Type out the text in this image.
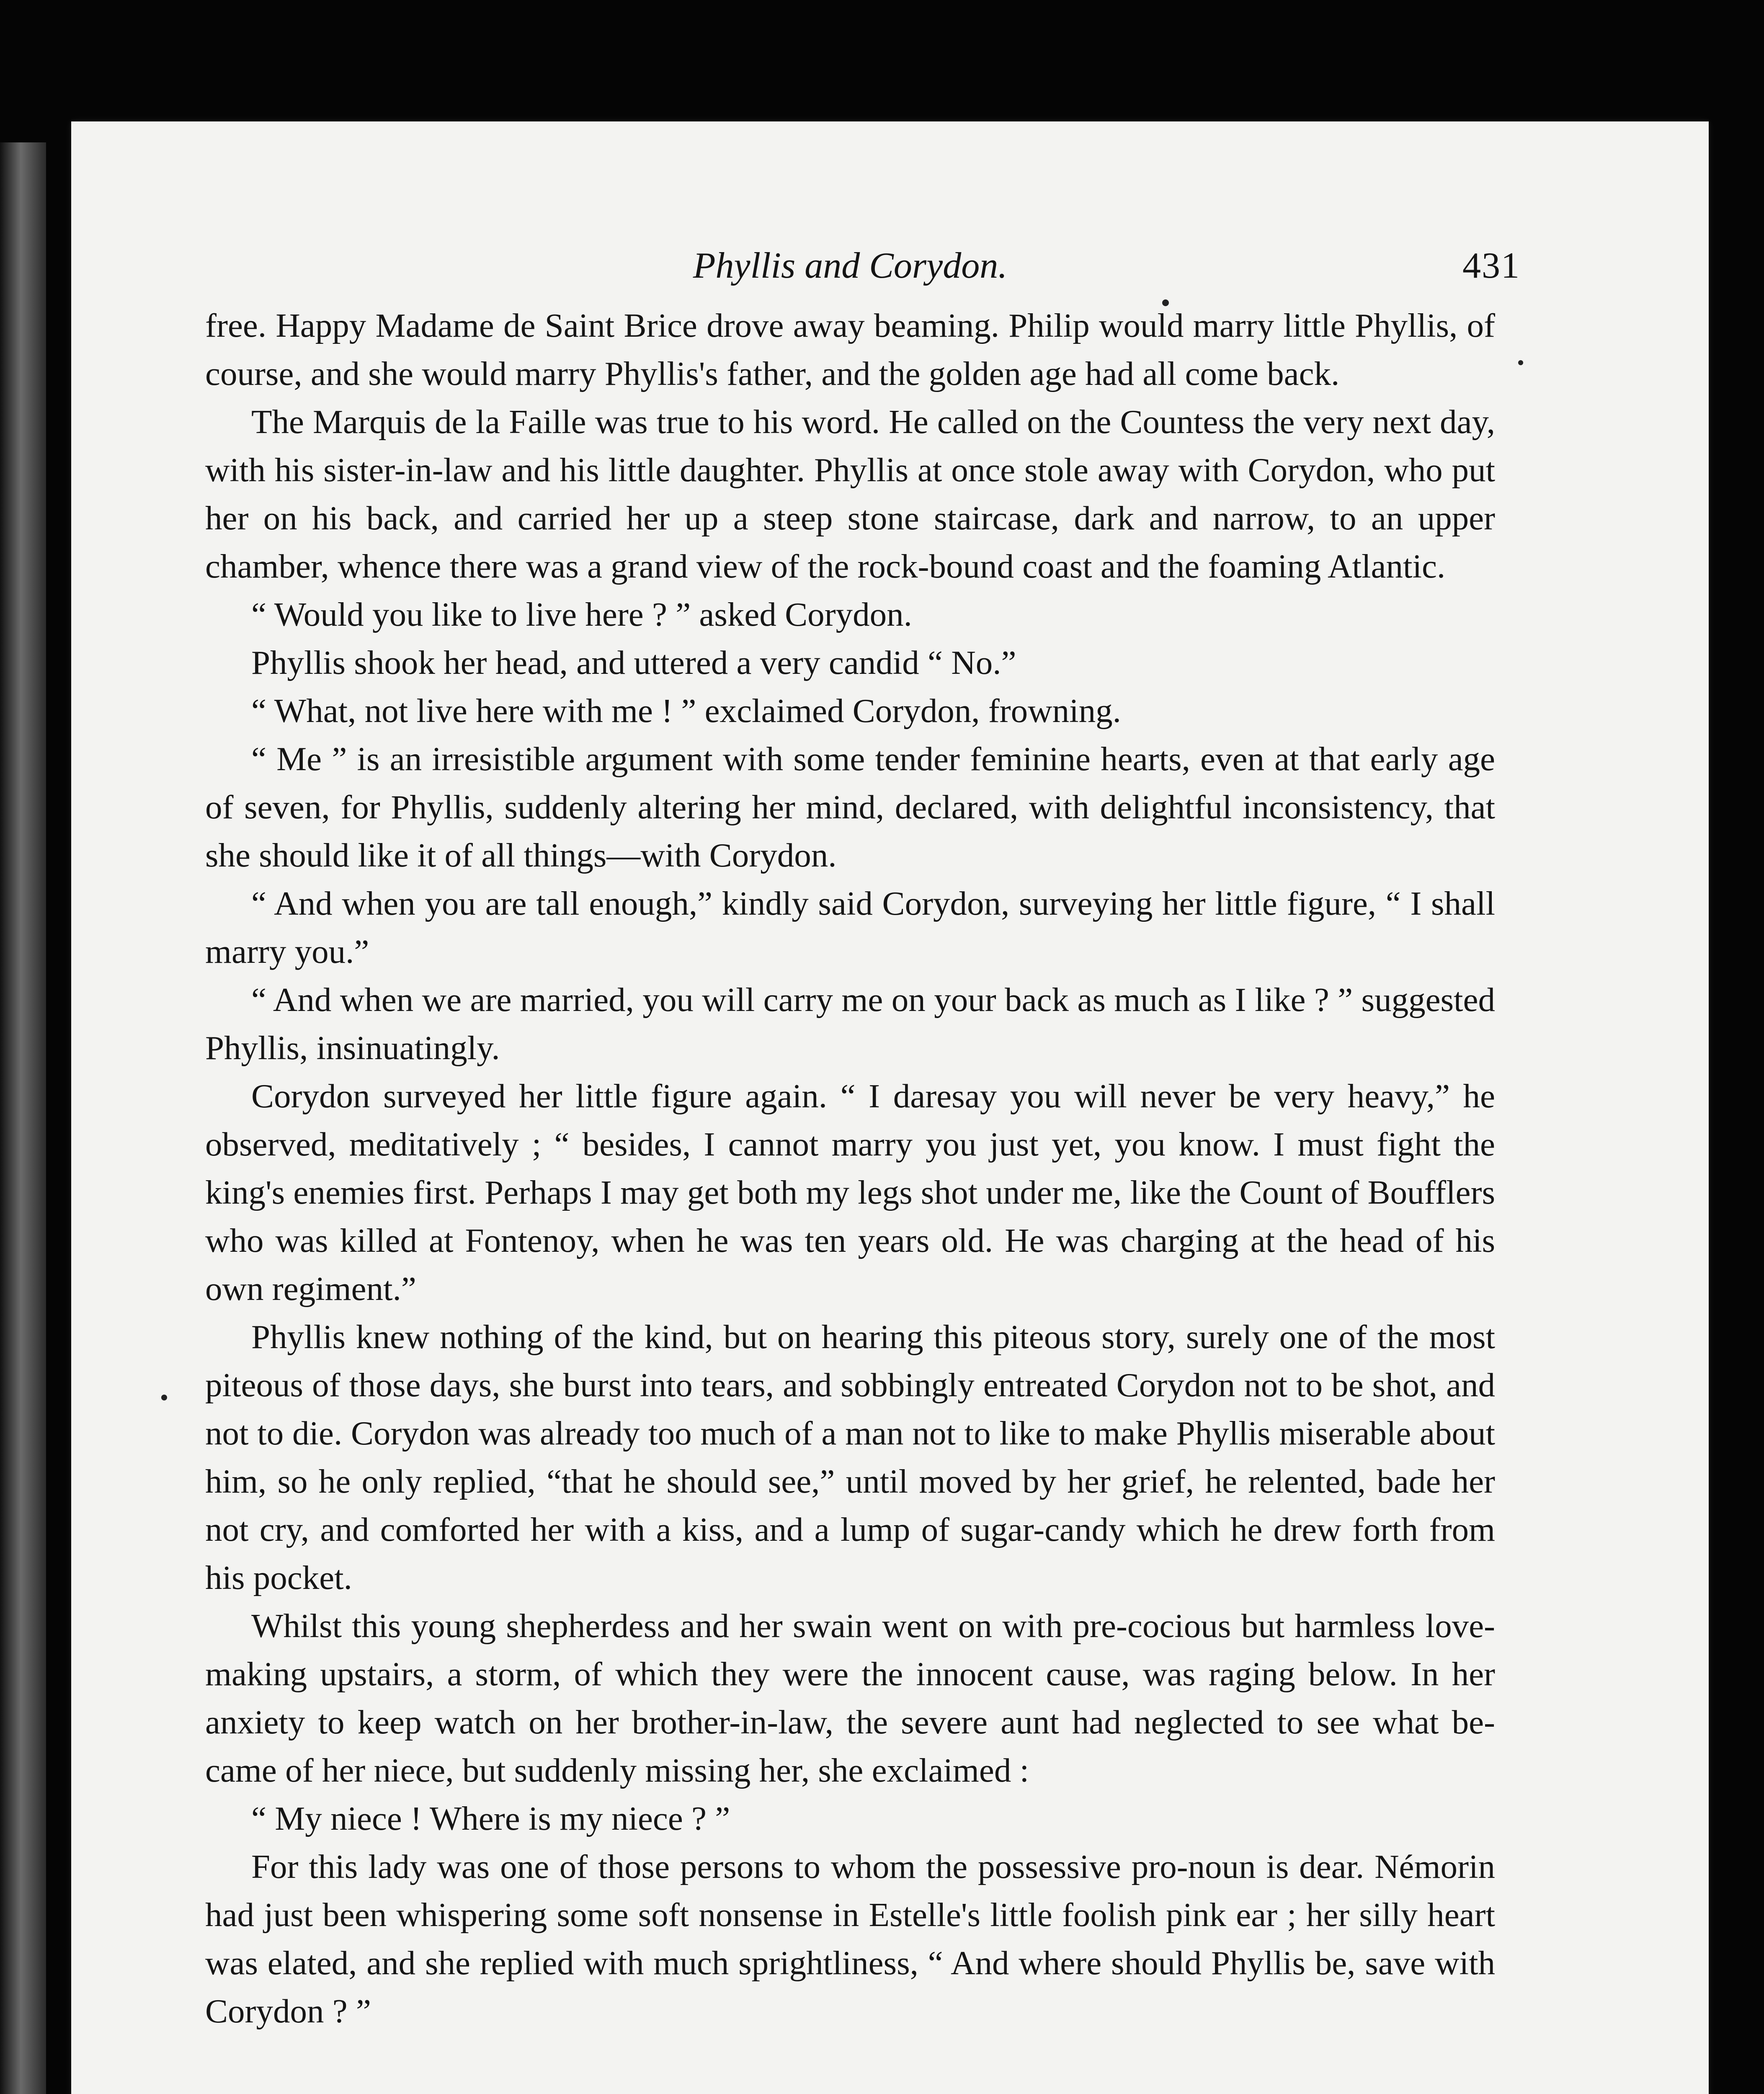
Phyllis and Corydon.	431

free. Happy Madame de Saint Brice drove away beaming. Philip would marry little Phyllis, of course, and she would marry Phyllis's father, and the golden age had all come back.

The Marquis de la Faille was true to his word. He called on the Countess the very next day, with his sister-in-law and his little daughter. Phyllis at once stole away with Corydon, who put her on his back, and carried her up a steep stone staircase, dark and narrow, to an upper chamber, whence there was a grand view of the rock-bound coast and the foaming Atlantic.

“ Would you like to live here ? ” asked Corydon.

Phyllis shook her head, and uttered a very candid “ No.”

“ What, not live here with me ! ” exclaimed Corydon, frowning.

“ Me ” is an irresistible argument with some tender feminine hearts, even at that early age of seven, for Phyllis, suddenly altering her mind, declared, with delightful inconsistency, that she should like it of all things—with Corydon.

“ And when you are tall enough,” kindly said Corydon, surveying her little figure, “ I shall marry you.”

“ And when we are married, you will carry me on your back as much as I like ? ” suggested Phyllis, insinuatingly.

Corydon surveyed her little figure again. “ I daresay you will never be very heavy,” he observed, meditatively ; “ besides, I cannot marry you just yet, you know. I must fight the king's enemies first. Perhaps I may get both my legs shot under me, like the Count of Boufflers who was killed at Fontenoy, when he was ten years old. He was charging at the head of his own regiment.”

Phyllis knew nothing of the kind, but on hearing this piteous story, surely one of the most piteous of those days, she burst into tears, and sobbingly entreated Corydon not to be shot, and not to die. Corydon was already too much of a man not to like to make Phyllis miserable about him, so he only replied, “that he should see,” until moved by her grief, he relented, bade her not cry, and comforted her with a kiss, and a lump of sugar-candy which he drew forth from his pocket.

Whilst this young shepherdess and her swain went on with pre-cocious but harmless love-making upstairs, a storm, of which they were the innocent cause, was raging below. In her anxiety to keep watch on her brother-in-law, the severe aunt had neglected to see what be-came of her niece, but suddenly missing her, she exclaimed :

“ My niece ! Where is my niece ? ”

For this lady was one of those persons to whom the possessive pro-noun is dear. Némorin had just been whispering some soft nonsense in Estelle's little foolish pink ear ; her silly heart was elated, and she replied with much sprightliness, “ And where should Phyllis be, save with Corydon ? ”
